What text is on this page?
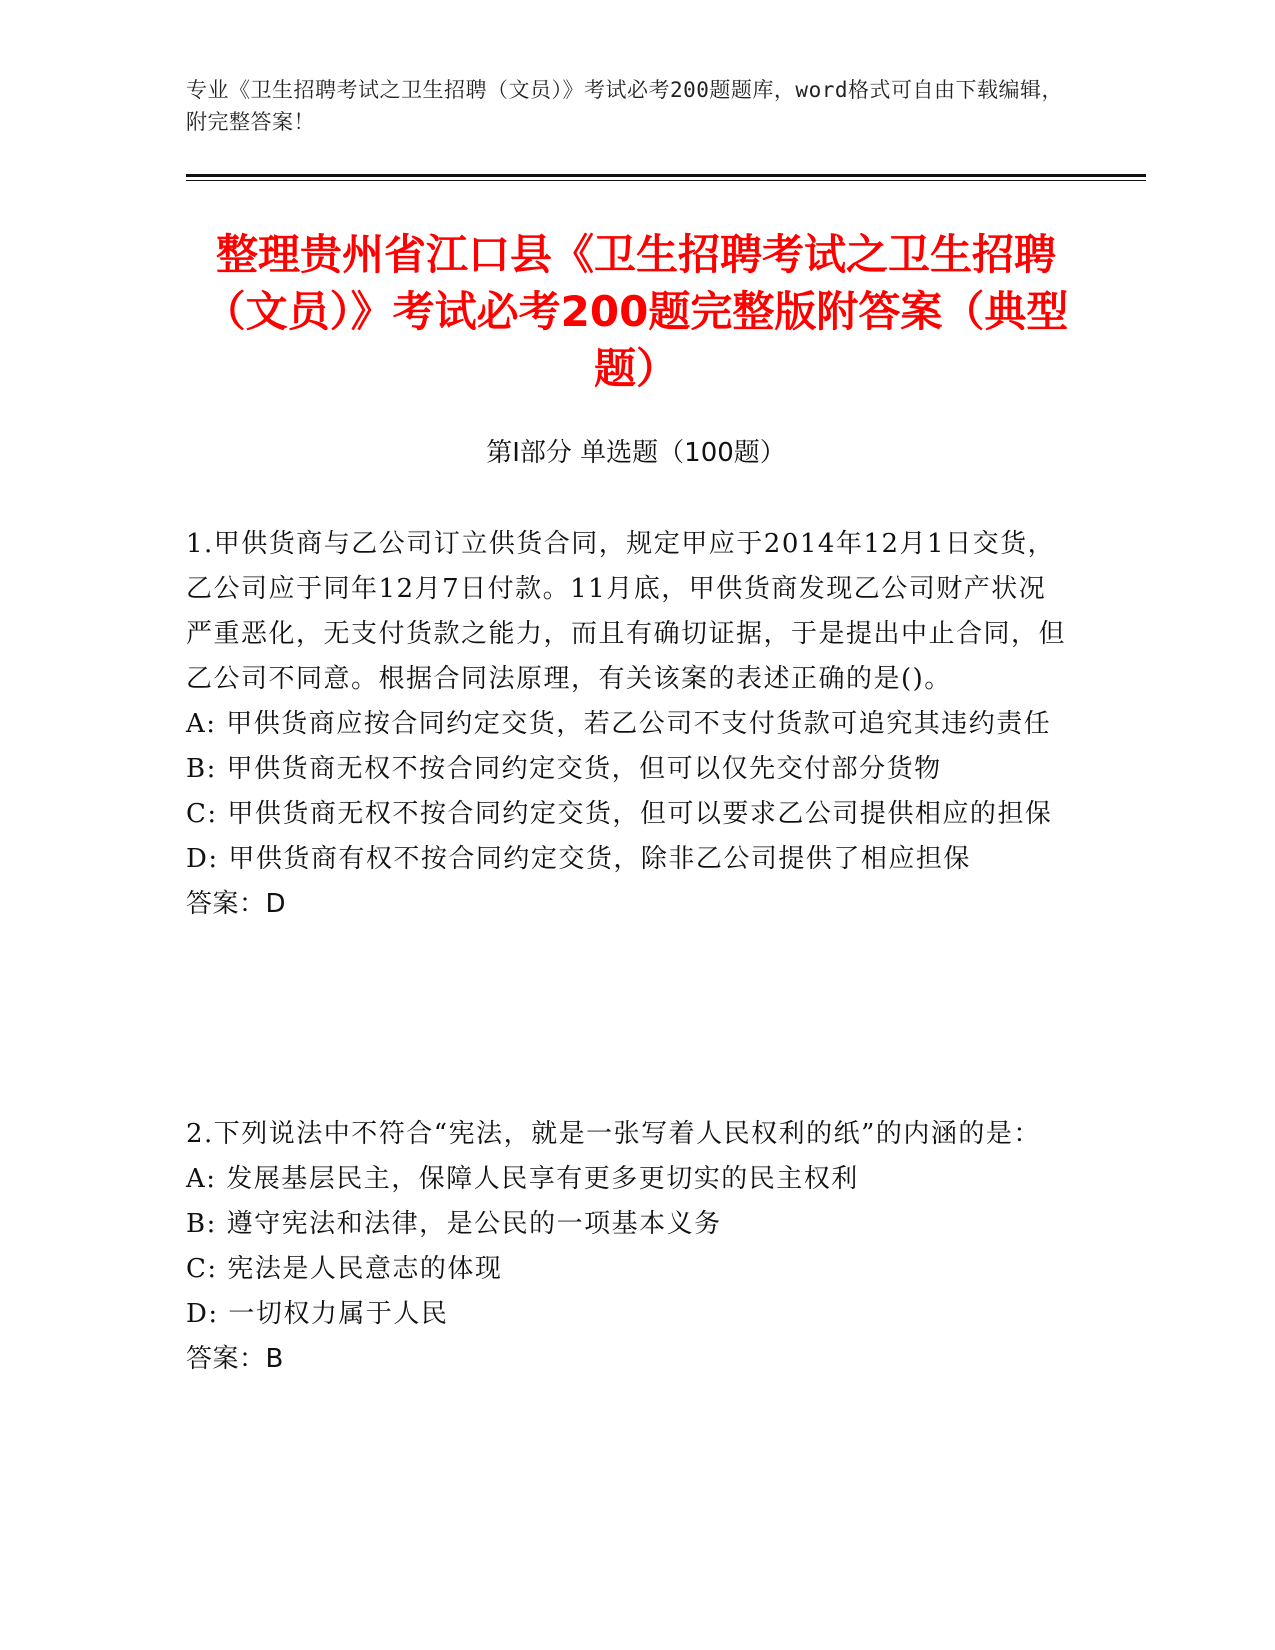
专业《卫生招聘考试之卫生招聘（文员）》考试必考200题题库，word格式可自由下载编辑，附完整答案！
整理贵州省江口县《卫生招聘考试之卫生招聘（文员）》考试必考200题完整版附答案（典型题）
第Ⅰ部分 单选题（100题）

1.甲供货商与乙公司订立供货合同，规定甲应于2014年12月1日交货，乙公司应于同年12月7日付款。11月底，甲供货商发现乙公司财产状况严重恶化，无支付货款之能力，而且有确切证据，于是提出中止合同，但乙公司不同意。根据合同法原理，有关该案的表述正确的是()。

A: 甲供货商应按合同约定交货，若乙公司不支付货款可追究其违约责任

B: 甲供货商无权不按合同约定交货，但可以仅先交付部分货物

C: 甲供货商无权不按合同约定交货，但可以要求乙公司提供相应的担保

D: 甲供货商有权不按合同约定交货，除非乙公司提供了相应担保

答案：D

2.下列说法中不符合“宪法，就是一张写着人民权利的纸”的内涵的是：

A: 发展基层民主，保障人民享有更多更切实的民主权利

B: 遵守宪法和法律，是公民的一项基本义务

C: 宪法是人民意志的体现

D: 一切权力属于人民

答案：B
